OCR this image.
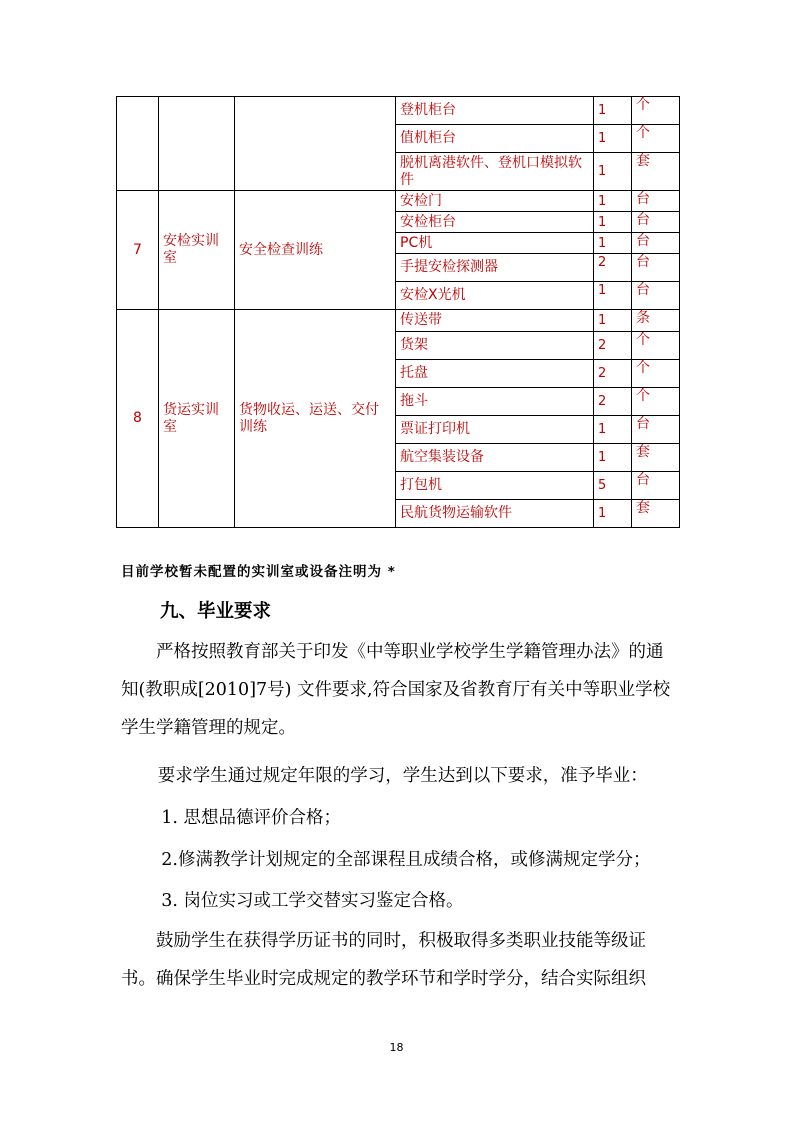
			登机柜台	1	个
			值机柜台	1	个
			脱机离港软件、登机口模拟软件	1	套
7	安检实训室	安全检查训练	安检门	1	台
			安检柜台	1	台
			PC机	1	台
			手提安检探测器	2	台
			安检X光机	1	台
8	货运实训室	货物收运、运送、交付训练	传送带	1	条
			货架	2	个
			托盘	2	个
			拖斗	2	个
			票证打印机	1	台
			航空集装设备	1	套
			打包机	5	台
			民航货物运输软件	1	套
目前学校暂未配置的实训室或设备注明为 *
九、毕业要求
严格按照教育部关于印发《中等职业学校学生学籍管理办法》的通知(教职成[2010]7号) 文件要求,符合国家及省教育厅有关中等职业学校学生学籍管理的规定。
要求学生通过规定年限的学习，学生达到以下要求，准予毕业：
1. 思想品德评价合格；
2.修满教学计划规定的全部课程且成绩合格，或修满规定学分；
3. 岗位实习或工学交替实习鉴定合格。
鼓励学生在获得学历证书的同时，积极取得多类职业技能等级证书。确保学生毕业时完成规定的教学环节和学时学分，结合实际组织
18
